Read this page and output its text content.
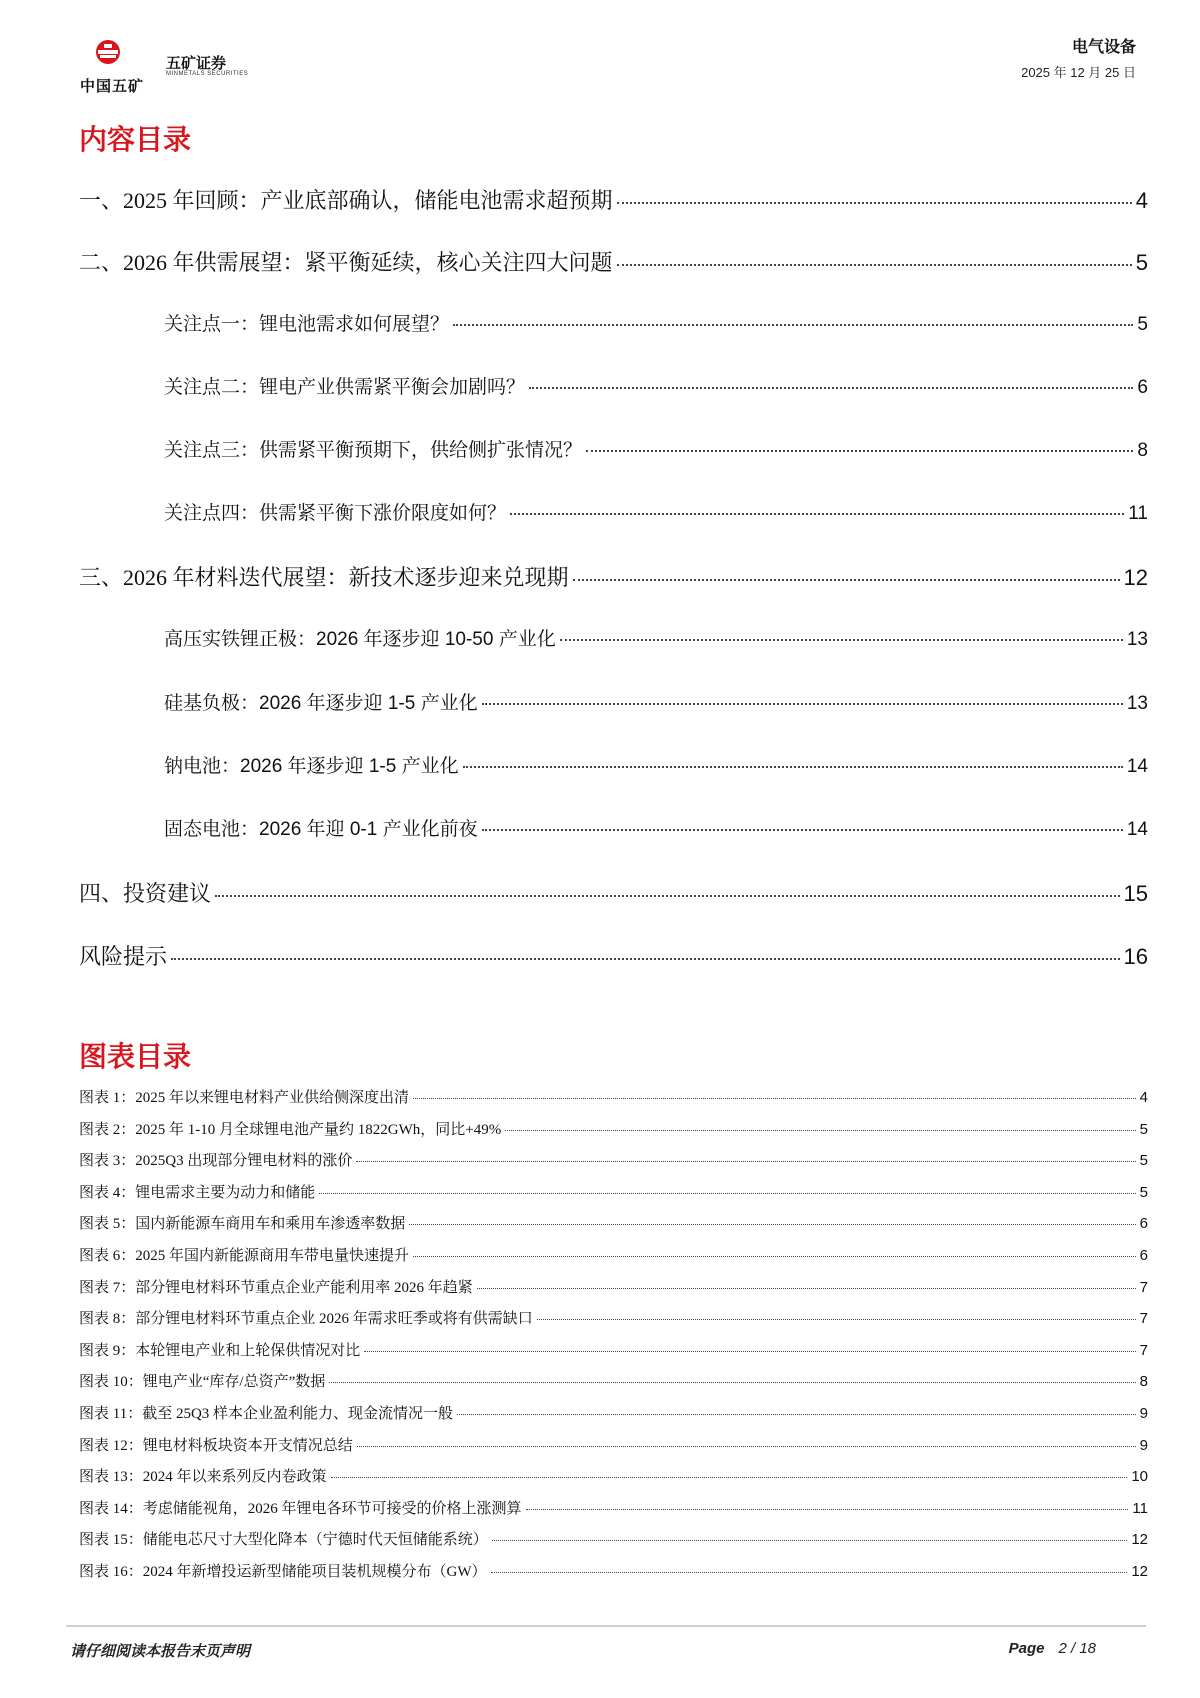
中国五矿
五矿证券
MINMETALS SECURITIES
电气设备
2025 年 12 月 25 日
内容目录
一、2025 年回顾：产业底部确认，储能电池需求超预期	4
二、2026 年供需展望：紧平衡延续，核心关注四大问题	5
关注点一：锂电池需求如何展望？	5
关注点二：锂电产业供需紧平衡会加剧吗？	6
关注点三：供需紧平衡预期下，供给侧扩张情况？	8
关注点四：供需紧平衡下涨价限度如何？	11
三、2026 年材料迭代展望：新技术逐步迎来兑现期	12
高压实铁锂正极：2026 年逐步迎 10-50 产业化	13
硅基负极：2026 年逐步迎 1-5 产业化	13
钠电池：2026 年逐步迎 1-5 产业化	14
固态电池：2026 年迎 0-1 产业化前夜	14
四、投资建议	15
风险提示	16
图表目录
图表 1：2025 年以来锂电材料产业供给侧深度出清	4
图表 2：2025 年 1-10 月全球锂电池产量约 1822GWh，同比+49%	5
图表 3：2025Q3 出现部分锂电材料的涨价	5
图表 4：锂电需求主要为动力和储能	5
图表 5：国内新能源车商用车和乘用车渗透率数据	6
图表 6：2025 年国内新能源商用车带电量快速提升	6
图表 7：部分锂电材料环节重点企业产能利用率 2026 年趋紧	7
图表 8：部分锂电材料环节重点企业 2026 年需求旺季或将有供需缺口	7
图表 9：本轮锂电产业和上轮保供情况对比	7
图表 10：锂电产业“库存/总资产”数据	8
图表 11：截至 25Q3 样本企业盈利能力、现金流情况一般	9
图表 12：锂电材料板块资本开支情况总结	9
图表 13：2024 年以来系列反内卷政策	10
图表 14：考虑储能视角，2026 年锂电各环节可接受的价格上涨测算	11
图表 15：储能电芯尺寸大型化降本（宁德时代天恒储能系统）	12
图表 16：2024 年新增投运新型储能项目装机规模分布（GW）	12
请仔细阅读本报告末页声明	Page 2 / 18
